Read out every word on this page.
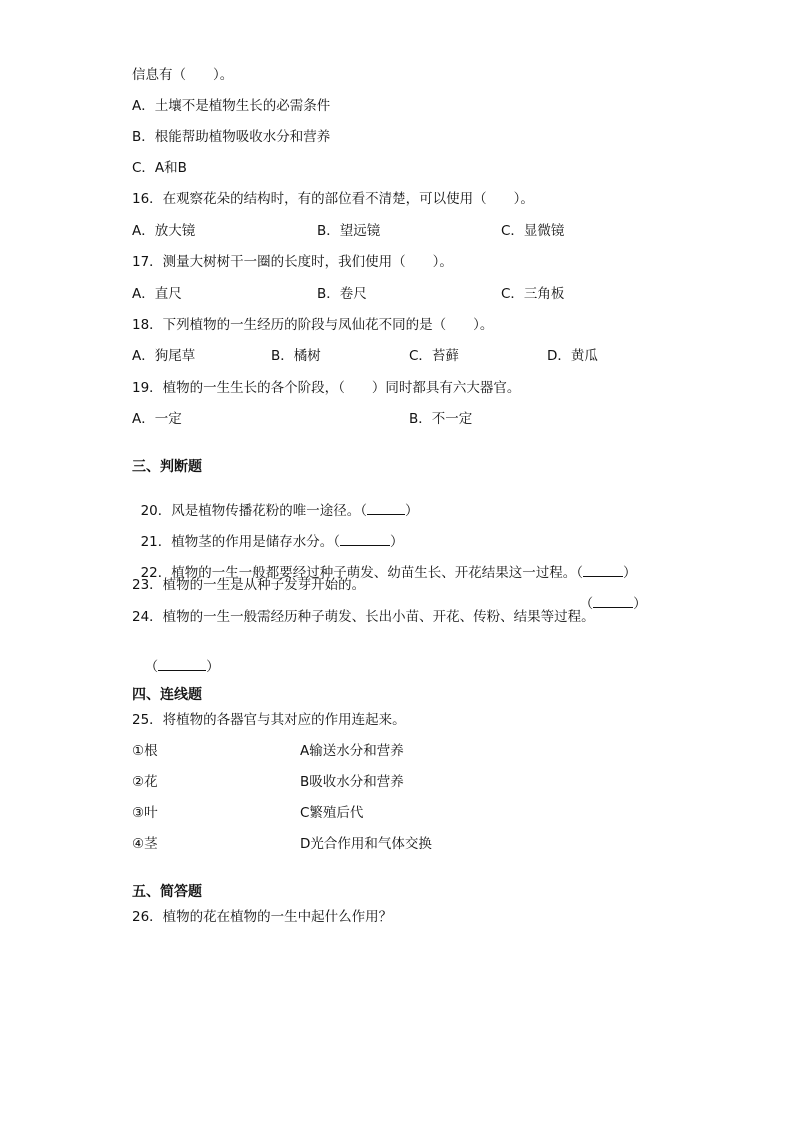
信息有（　　）。
A．土壤不是植物生长的必需条件
B．根能帮助植物吸收水分和营养
C．A和B
16．在观察花朵的结构时，有的部位看不清楚，可以使用（　　）。
A．放大镜	B．望远镜	C．显微镜
17．测量大树树干一圈的长度时，我们使用（　　）。
A．直尺	B．卷尺	C．三角板
18．下列植物的一生经历的阶段与凤仙花不同的是（　　）。
A．狗尾草	B．橘树	C．苔藓	D．黄瓜
19．植物的一生生长的各个阶段，（　　）同时都具有六大器官。
A．一定	B．不一定
三、判断题

20．风是植物传播花粉的唯一途径。（	）

21．植物茎的作用是储存水分。（	）

22．植物的一生一般都要经过种子萌发、幼苗生长、开花结果这一过程。（	）

23．植物的一生是从种子发芽开始的。

（	）

24．植物的一生一般需经历种子萌发、长出小苗、开花、传粉、结果等过程。

（	）

四、连线题
25．将植物的各器官与其对应的作用连起来。
①根	A输送水分和营养
②花	B吸收水分和营养
③叶	C繁殖后代
④茎	D光合作用和气体交换
五、简答题
26．植物的花在植物的一生中起什么作用？
